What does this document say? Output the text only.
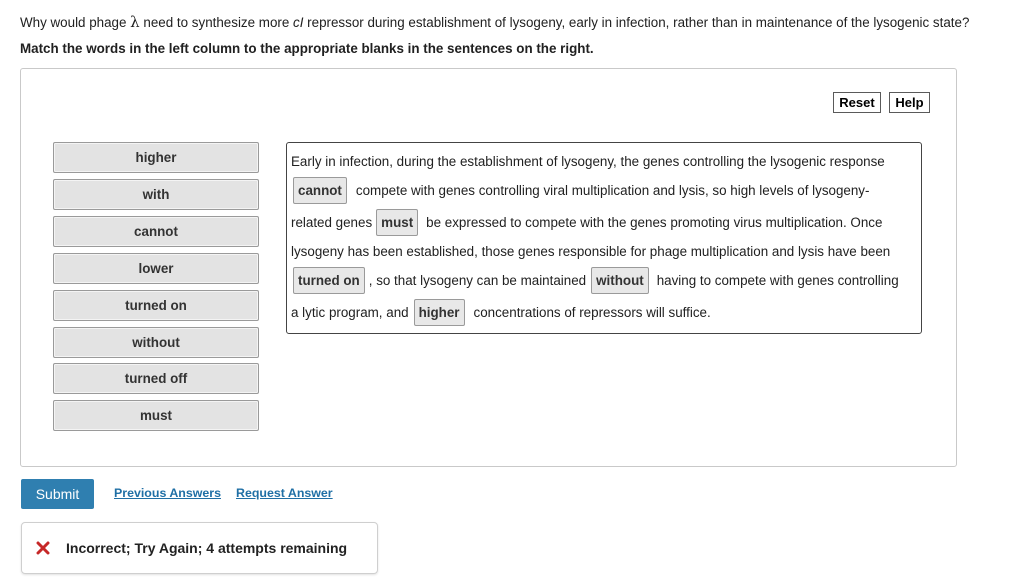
Why would phage λ need to synthesize more cI repressor during establishment of lysogeny, early in infection, rather than in maintenance of the lysogenic state?
Match the words in the left column to the appropriate blanks in the sentences on the right.
Reset	Help
higher
with
cannot
lower
turned on
without
turned off
must
Early in infection, during the establishment of lysogeny, the genes controlling the lysogenic response
cannot	compete with genes controlling viral multiplication and lysis, so high levels of lysogeny-
related genes must be expressed to compete with the genes promoting virus multiplication. Once
lysogeny has been established, those genes responsible for phage multiplication and lysis have been
turned on , so that lysogeny can be maintained without having to compete with genes controlling
a lytic program, and higher	concentrations of repressors will suffice.
Submit	Previous Answers Request Answer
Incorrect; Try Again; 4 attempts remaining
